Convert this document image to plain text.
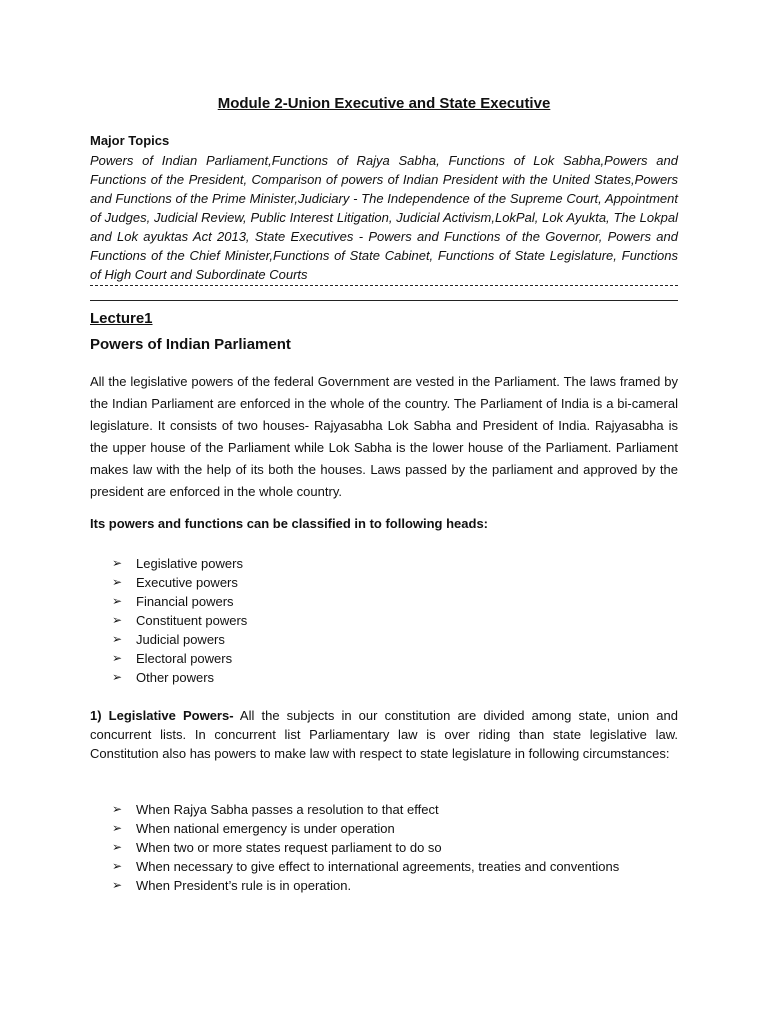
Module 2-Union Executive and State Executive
Major Topics

Powers of Indian Parliament,Functions of Rajya Sabha, Functions of Lok Sabha,Powers and Functions of the President, Comparison of powers of Indian President with the United States,Powers and Functions of the Prime Minister,Judiciary - The Independence of the Supreme Court, Appointment of Judges, Judicial Review, Public Interest Litigation, Judicial Activism,LokPal, Lok Ayukta, The Lokpal and Lok ayuktas Act 2013, State Executives - Powers and Functions of the Governor, Powers and Functions of the Chief Minister,Functions of State Cabinet, Functions of State Legislature, Functions of High Court and Subordinate Courts

Lecture1
Powers of Indian Parliament

All the legislative powers of the federal Government are vested in the Parliament. The laws framed by the Indian Parliament are enforced in the whole of the country. The Parliament of India is a bi-cameral legislature. It consists of two houses- Rajyasabha Lok Sabha and President of India. Rajyasabha is the upper house of the Parliament while Lok Sabha is the lower house of the Parliament. Parliament makes law with the help of its both the houses. Laws passed by the parliament and approved by the president are enforced in the whole country.

Its powers and functions can be classified in to following heads:
➢ Legislative powers
➢ Executive powers
➢ Financial powers
➢ Constituent powers
➢ Judicial powers
➢ Electoral powers
➢ Other powers

1) Legislative Powers- All the subjects in our constitution are divided among state, union and concurrent lists. In concurrent list Parliamentary law is over riding than state legislative law. Constitution also has powers to make law with respect to state legislature in following circumstances:

➢ When Rajya Sabha passes a resolution to that effect
➢ When national emergency is under operation
➢ When two or more states request parliament to do so
➢ When necessary to give effect to international agreements, treaties and conventions
➢ When President’s rule is in operation.
